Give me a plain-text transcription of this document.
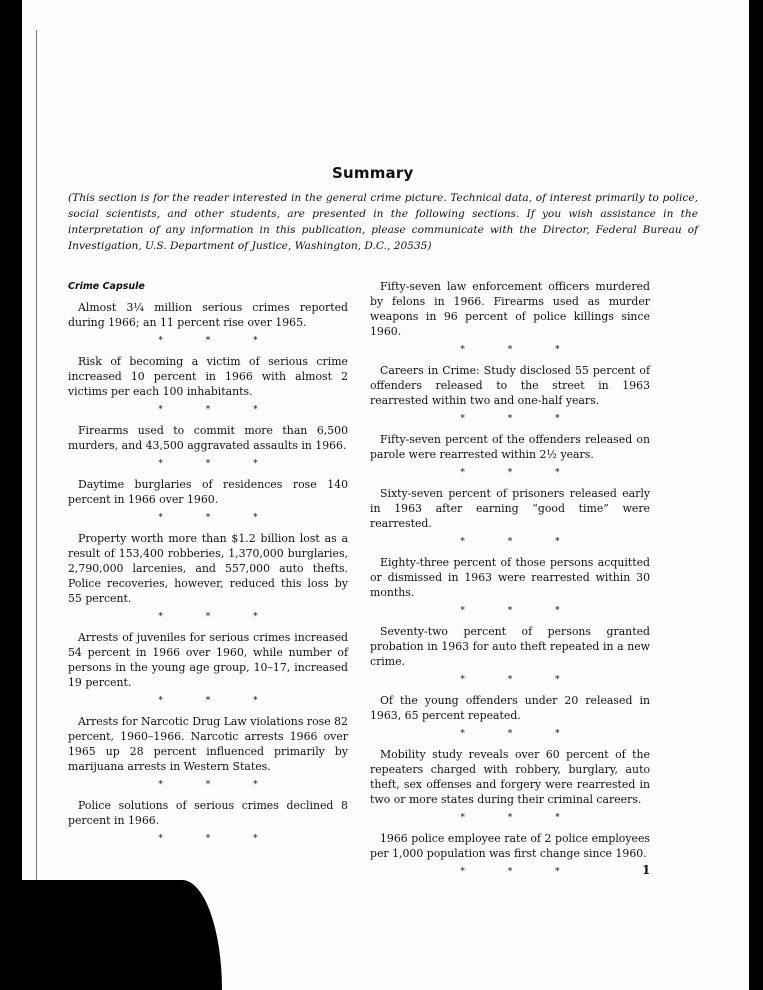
Summary
(This section is for the reader interested in the general crime picture. Technical data, of interest primarily to police, social scientists, and other students, are presented in the following sections. If you wish assistance in the interpretation of any information in this publication, please communicate with the Director, Federal Bureau of Investigation, U.S. Department of Justice, Washington, D.C., 20535)
Crime Capsule

Almost 3¼ million serious crimes reported during 1966; an 11 percent rise over 1965.

* * *

Risk of becoming a victim of serious crime increased 10 percent in 1966 with almost 2 victims per each 100 inhabitants.

* * *

Firearms used to commit more than 6,500 murders, and 43,500 aggravated assaults in 1966.

* * *

Daytime burglaries of residences rose 140 percent in 1966 over 1960.

* * *

Property worth more than $1.2 billion lost as a result of 153,400 robberies, 1,370,000 burglaries, 2,790,000 larcenies, and 557,000 auto thefts. Police recoveries, however, reduced this loss by 55 percent.

* * *

Arrests of juveniles for serious crimes increased 54 percent in 1966 over 1960, while number of persons in the young age group, 10–17, increased 19 percent.

* * *

Arrests for Narcotic Drug Law violations rose 82 percent, 1960–1966. Narcotic arrests 1966 over 1965 up 28 percent influenced primarily by marijuana arrests in Western States.

* * *

Police solutions of serious crimes declined 8 percent in 1966.

* * *

Fifty-seven law enforcement officers murdered by felons in 1966. Firearms used as murder weapons in 96 percent of police killings since 1960.

* * *

Careers in Crime: Study disclosed 55 percent of offenders released to the street in 1963 rearrested within two and one-half years.

* * *

Fifty-seven percent of the offenders released on parole were rearrested within 2½ years.

* * *

Sixty-seven percent of prisoners released early in 1963 after earning “good time” were rearrested.

* * *

Eighty-three percent of those persons acquitted or dismissed in 1963 were rearrested within 30 months.

* * *

Seventy-two percent of persons granted probation in 1963 for auto theft repeated in a new crime.

* * *

Of the young offenders under 20 released in 1963, 65 percent repeated.

* * *

Mobility study reveals over 60 percent of the repeaters charged with robbery, burglary, auto theft, sex offenses and forgery were rearrested in two or more states during their criminal careers.

* * *

1966 police employee rate of 2 police employees per 1,000 population was first change since 1960.

* * *	1
